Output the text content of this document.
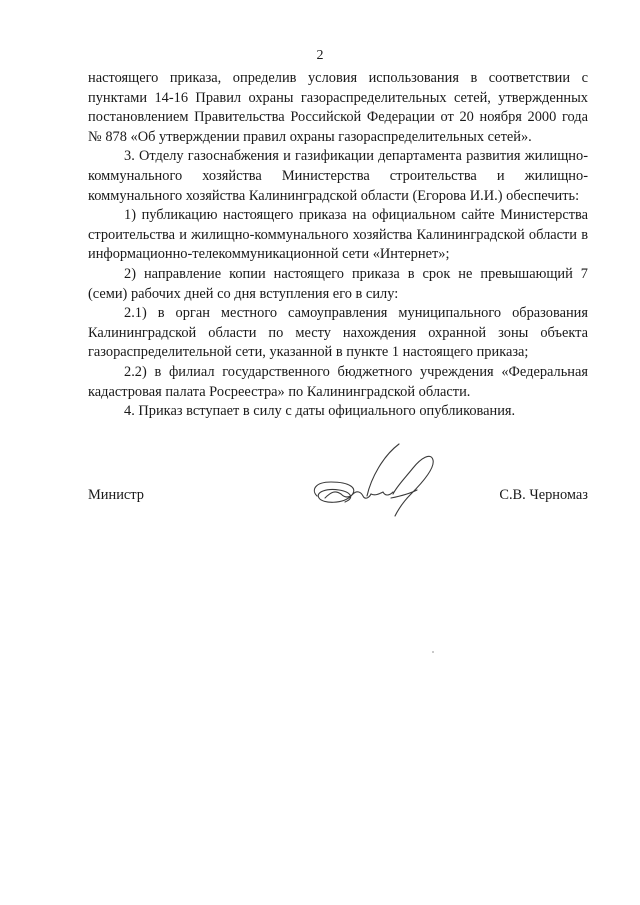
2

настоящего приказа, определив условия использования в соответствии с пунктами 14-16 Правил охраны газораспределительных сетей, утвержденных постановлением Правительства Российской Федерации от 20 ноября 2000 года № 878 «Об утверждении правил охраны газораспределительных сетей».

3. Отделу газоснабжения и газификации департамента развития жилищно-коммунального хозяйства Министерства строительства и жилищно-коммунального хозяйства Калининградской области (Егорова И.И.) обеспечить:

1) публикацию настоящего приказа на официальном сайте Министерства строительства и жилищно-коммунального хозяйства Калининградской области в информационно-телекоммуникационной сети «Интернет»;

2) направление копии настоящего приказа в срок не превышающий 7 (семи) рабочих дней со дня вступления его в силу:

2.1) в орган местного самоуправления муниципального образования Калининградской области по месту нахождения охранной зоны объекта газораспределительной сети, указанной в пункте 1 настоящего приказа;

2.2) в филиал государственного бюджетного учреждения «Федеральная кадастровая палата Росреестра» по Калининградской области.

4. Приказ вступает в силу с даты официального опубликования.

Министр	С.В. Черномаз
